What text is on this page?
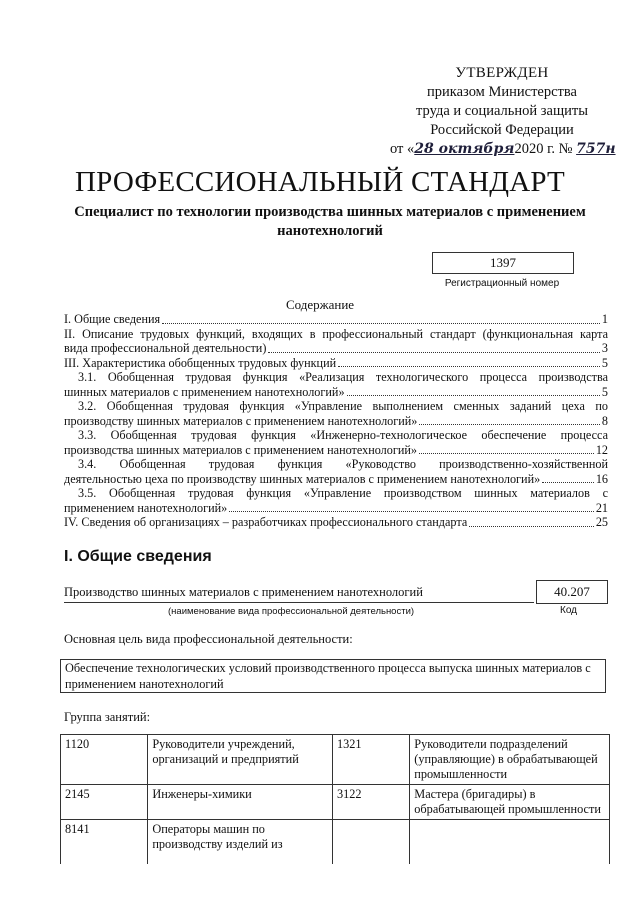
УТВЕРЖДЕН
приказом Министерства
труда и социальной защиты
Российской Федерации
от «28 октября2020 г. № 757н
ПРОФЕССИОНАЛЬНЫЙ СТАНДАРТ
Специалист по технологии производства шинных материалов с применением нанотехнологий
1397
Регистрационный номер
Содержание
I. Общие сведения	1
II. Описание трудовых функций, входящих в профессиональный стандарт (функциональная карта
вида профессиональной деятельности)	3
III. Характеристика обобщенных трудовых функций	5
3.1. Обобщенная трудовая функция «Реализация технологического процесса производства
шинных материалов с применением нанотехнологий»	5
3.2. Обобщенная трудовая функция «Управление выполнением сменных заданий цеха по
производству шинных материалов с применением нанотехнологий»	8
3.3. Обобщенная трудовая функция «Инженерно-технологическое обеспечение процесса
производства шинных материалов с применением нанотехнологий»	12
3.4. Обобщенная трудовая функция «Руководство производственно-хозяйственной
деятельностью цеха по производству шинных материалов с применением нанотехнологий»	16
3.5. Обобщенная трудовая функция «Управление производством шинных материалов с
применением нанотехнологий»	21
IV. Сведения об организациях – разработчиках профессионального стандарта	25
I. Общие сведения
Производство шинных материалов с применением нанотехнологий	40.207
(наименование вида профессиональной деятельности)	Код
Основная цель вида профессиональной деятельности:
Обеспечение технологических условий производственного процесса выпуска шинных материалов с применением нанотехнологий
Группа занятий:
1120	Руководители учреждений, организаций и предприятий	1321	Руководители подразделений (управляющие) в обрабатывающей промышленности
2145	Инженеры-химики	3122	Мастера (бригадиры) в обрабатывающей промышленности
8141	Операторы машин по производству изделий из		
